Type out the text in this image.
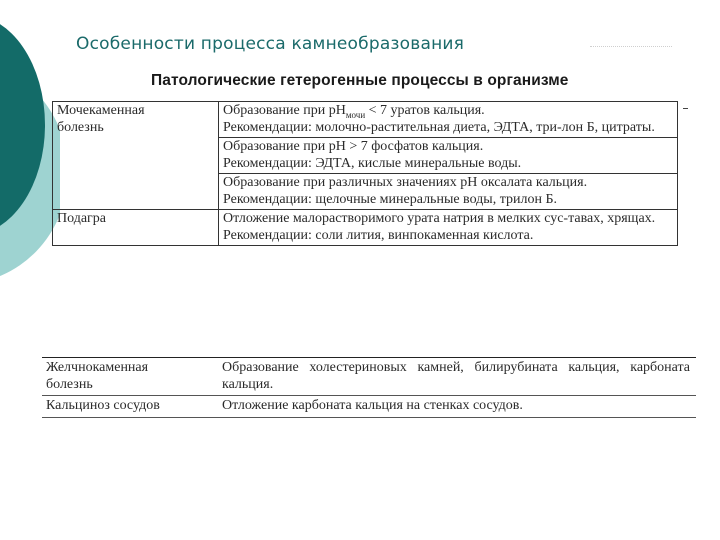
Особенности процесса камнеобразования
Патологические гетерогенные процессы в организме
Мочекаменная
болезнь	Образование при $pH_{мочи} < 7$ уратов кальция.
Рекомендации: молочно-растительная диета, ЭДТА, три-лон Б, цитраты.
	Образование при pH > 7 фосфатов кальция.
Рекомендации: ЭДТА, кислые минеральные воды.
	Образование при различных значениях pH оксалата кальция.
Рекомендации: щелочные минеральные воды, трилон Б.
Подагра	Отложение малорастворимого урата натрия в мелких сус-тавах, хрящах.
Рекомендации: соли лития, винпокаменная кислота.
Желчнокаменная
болезнь	Образование холестериновых камней, билирубината кальция, карбоната кальция.
Кальциноз сосудов	Отложение карбоната кальция на стенках сосудов.
